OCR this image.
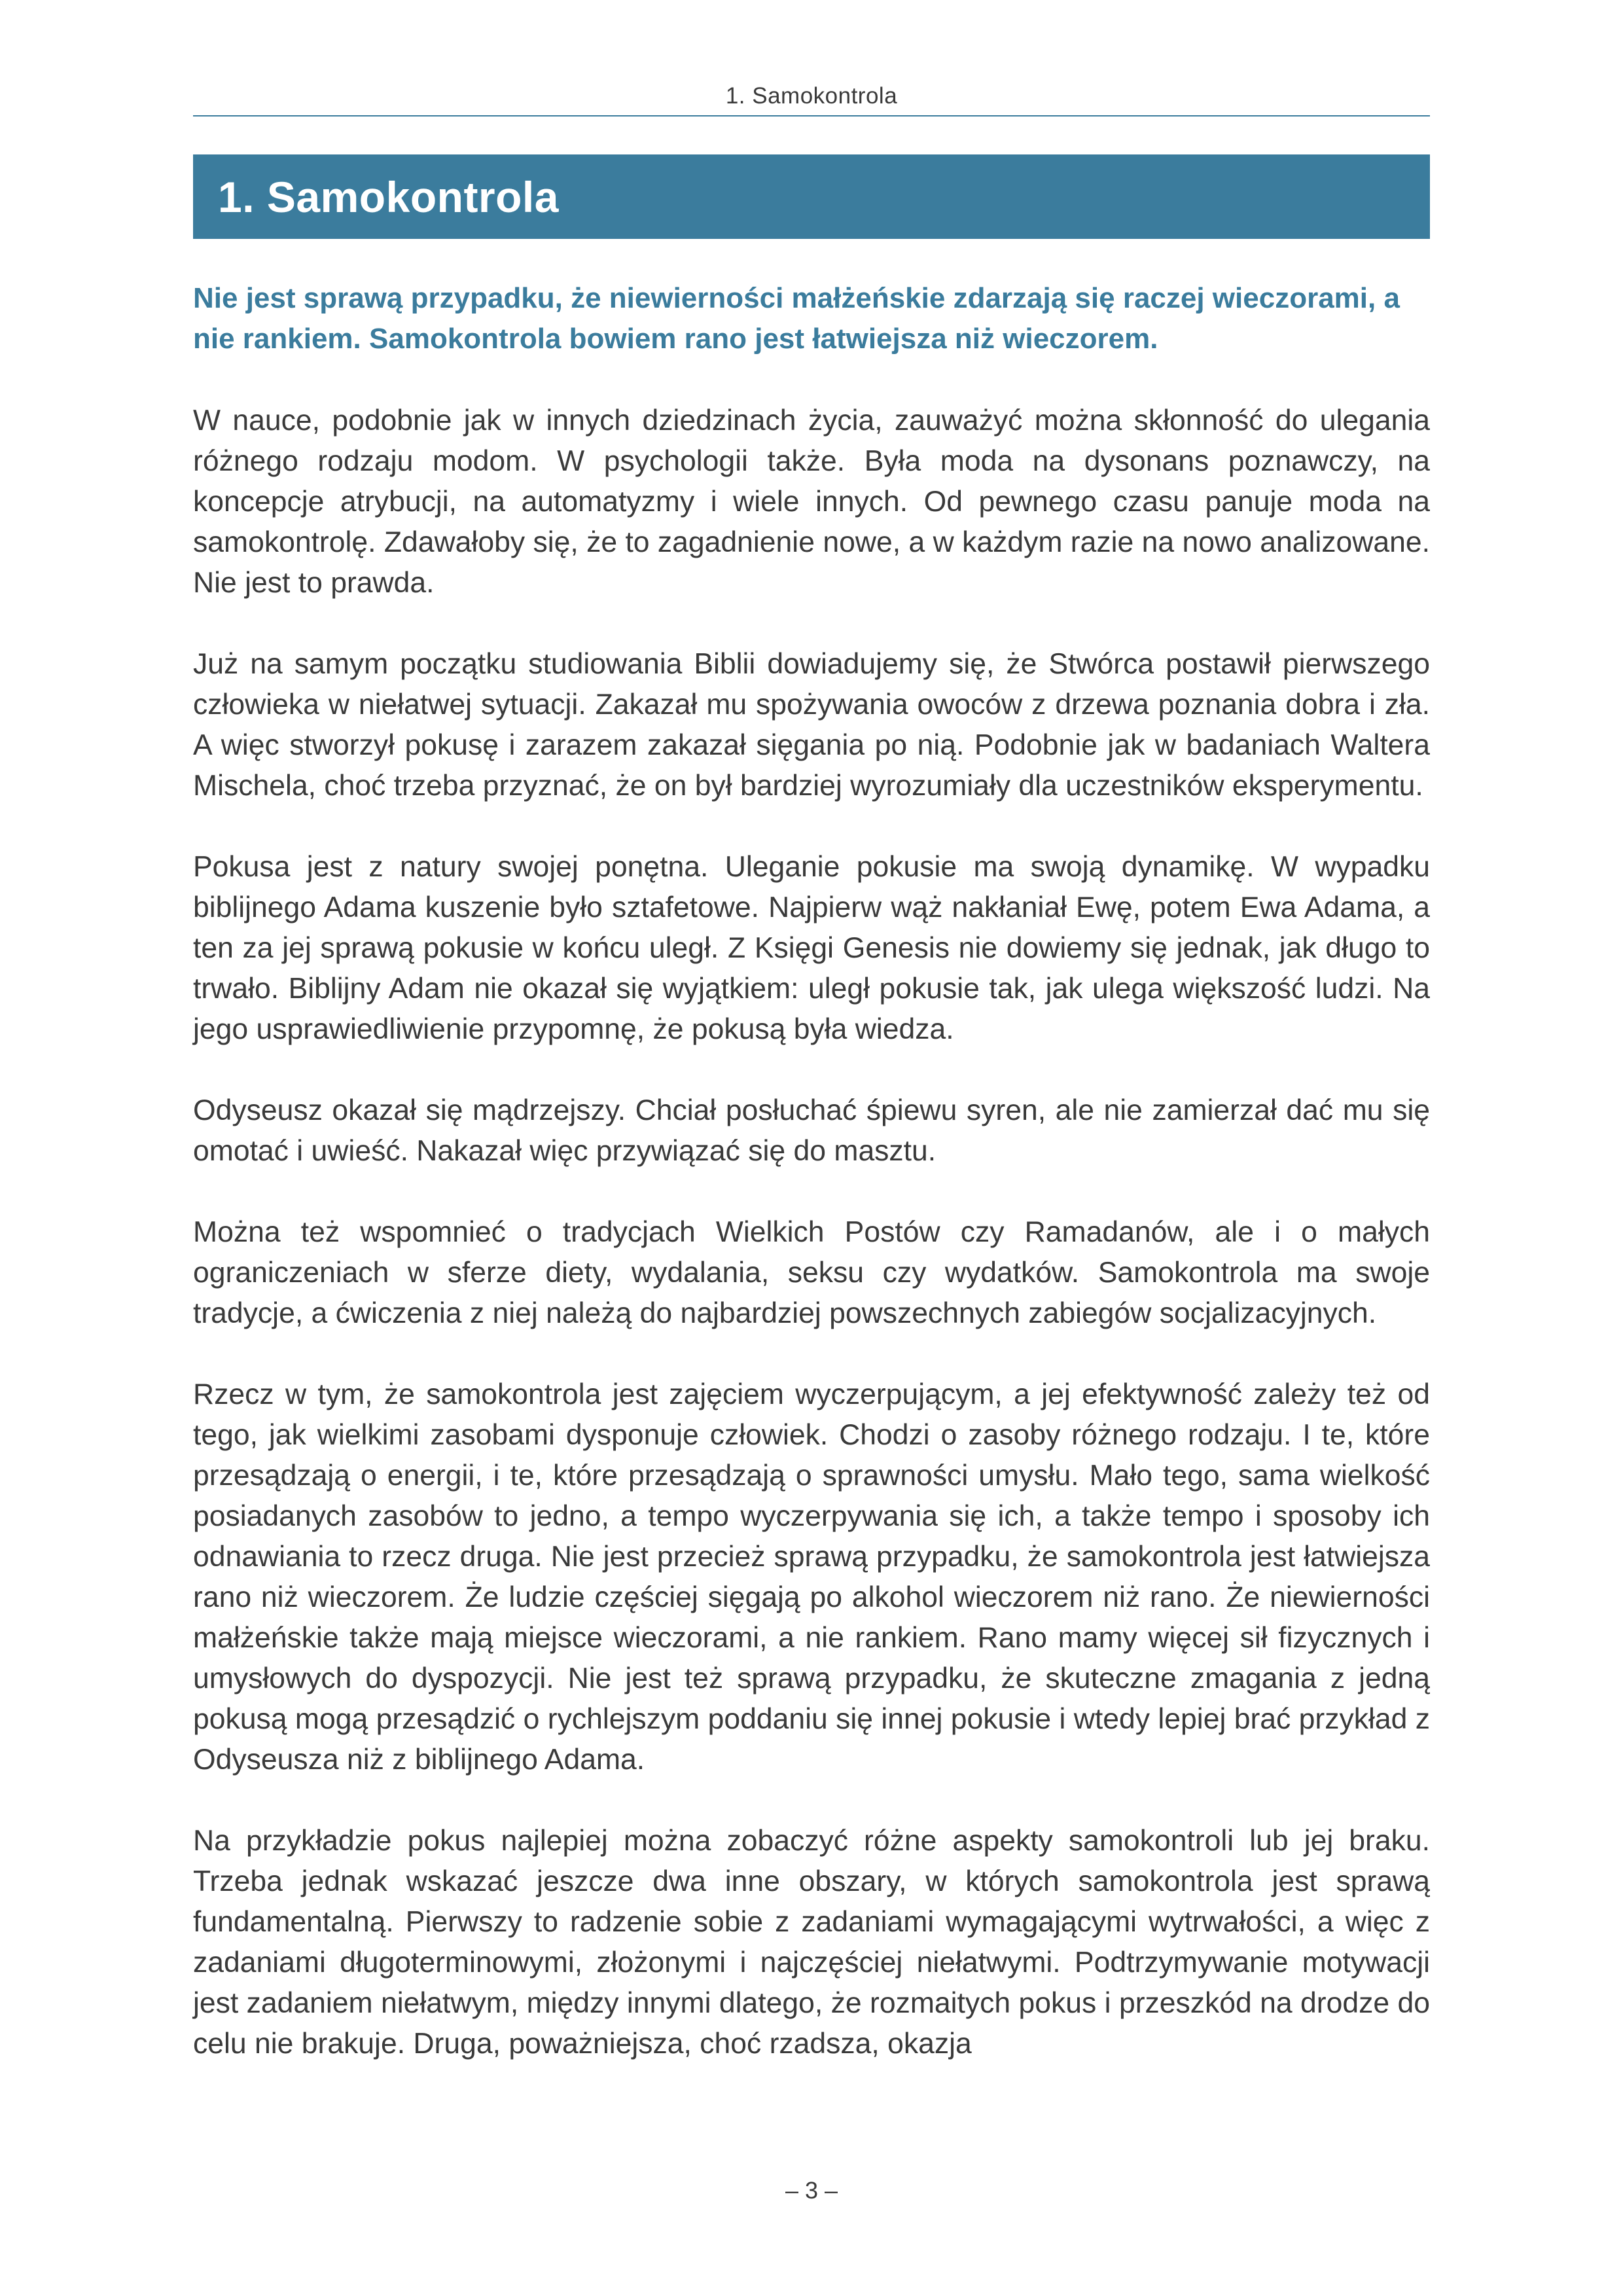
1. Samokontrola
1. Samokontrola

Nie jest sprawą przypadku, że niewierności małżeńskie zdarzają się raczej wieczorami, a nie rankiem. Samokontrola bowiem rano jest łatwiejsza niż wieczorem.

W nauce, podobnie jak w innych dziedzinach życia, zauważyć można skłonność do ulegania różnego rodzaju modom. W psychologii także. Była moda na dysonans poznawczy, na koncepcje atrybucji, na automatyzmy i wiele innych. Od pewnego czasu panuje moda na samokontrolę. Zdawałoby się, że to zagadnienie nowe, a w każdym razie na nowo analizowane. Nie jest to prawda.

Już na samym początku studiowania Biblii dowiadujemy się, że Stwórca postawił pierwszego człowieka w niełatwej sytuacji. Zakazał mu spożywania owoców z drzewa poznania dobra i zła. A więc stworzył pokusę i zarazem zakazał sięgania po nią. Podobnie jak w badaniach Waltera Mischela, choć trzeba przyznać, że on był bardziej wyrozumiały dla uczestników eksperymentu.

Pokusa jest z natury swojej ponętna. Uleganie pokusie ma swoją dynamikę. W wypadku biblijnego Adama kuszenie było sztafetowe. Najpierw wąż nakłaniał Ewę, potem Ewa Adama, a ten za jej sprawą pokusie w końcu uległ. Z Księgi Genesis nie dowiemy się jednak, jak długo to trwało. Biblijny Adam nie okazał się wyjątkiem: uległ pokusie tak, jak ulega większość ludzi. Na jego usprawiedliwienie przypomnę, że pokusą była wiedza.

Odyseusz okazał się mądrzejszy. Chciał posłuchać śpiewu syren, ale nie zamierzał dać mu się omotać i uwieść. Nakazał więc przywiązać się do masztu.

Można też wspomnieć o tradycjach Wielkich Postów czy Ramadanów, ale i o małych ograniczeniach w sferze diety, wydalania, seksu czy wydatków. Samokontrola ma swoje tradycje, a ćwiczenia z niej należą do najbardziej powszechnych zabiegów socjalizacyjnych.

Rzecz w tym, że samokontrola jest zajęciem wyczerpującym, a jej efektywność zależy też od tego, jak wielkimi zasobami dysponuje człowiek. Chodzi o zasoby różnego rodzaju. I te, które przesądzają o energii, i te, które przesądzają o sprawności umysłu. Mało tego, sama wielkość posiadanych zasobów to jedno, a tempo wyczerpywania się ich, a także tempo i sposoby ich odnawiania to rzecz druga. Nie jest przecież sprawą przypadku, że samokontrola jest łatwiejsza rano niż wieczorem. Że ludzie częściej sięgają po alkohol wieczorem niż rano. Że niewierności małżeńskie także mają miejsce wieczorami, a nie rankiem. Rano mamy więcej sił fizycznych i umysłowych do dyspozycji. Nie jest też sprawą przypadku, że skuteczne zmagania z jedną pokusą mogą przesądzić o rychlejszym poddaniu się innej pokusie i wtedy lepiej brać przykład z Odyseusza niż z biblijnego Adama.

Na przykładzie pokus najlepiej można zobaczyć różne aspekty samokontroli lub jej braku. Trzeba jednak wskazać jeszcze dwa inne obszary, w których samokontrola jest sprawą fundamentalną. Pierwszy to radzenie sobie z zadaniami wymagającymi wytrwałości, a więc z zadaniami długoterminowymi, złożonymi i najczęściej niełatwymi. Podtrzymywanie motywacji jest zadaniem niełatwym, między innymi dlatego, że rozmaitych pokus i przeszkód na drodze do celu nie brakuje. Druga, poważniejsza, choć rzadsza, okazja

– 3 –
